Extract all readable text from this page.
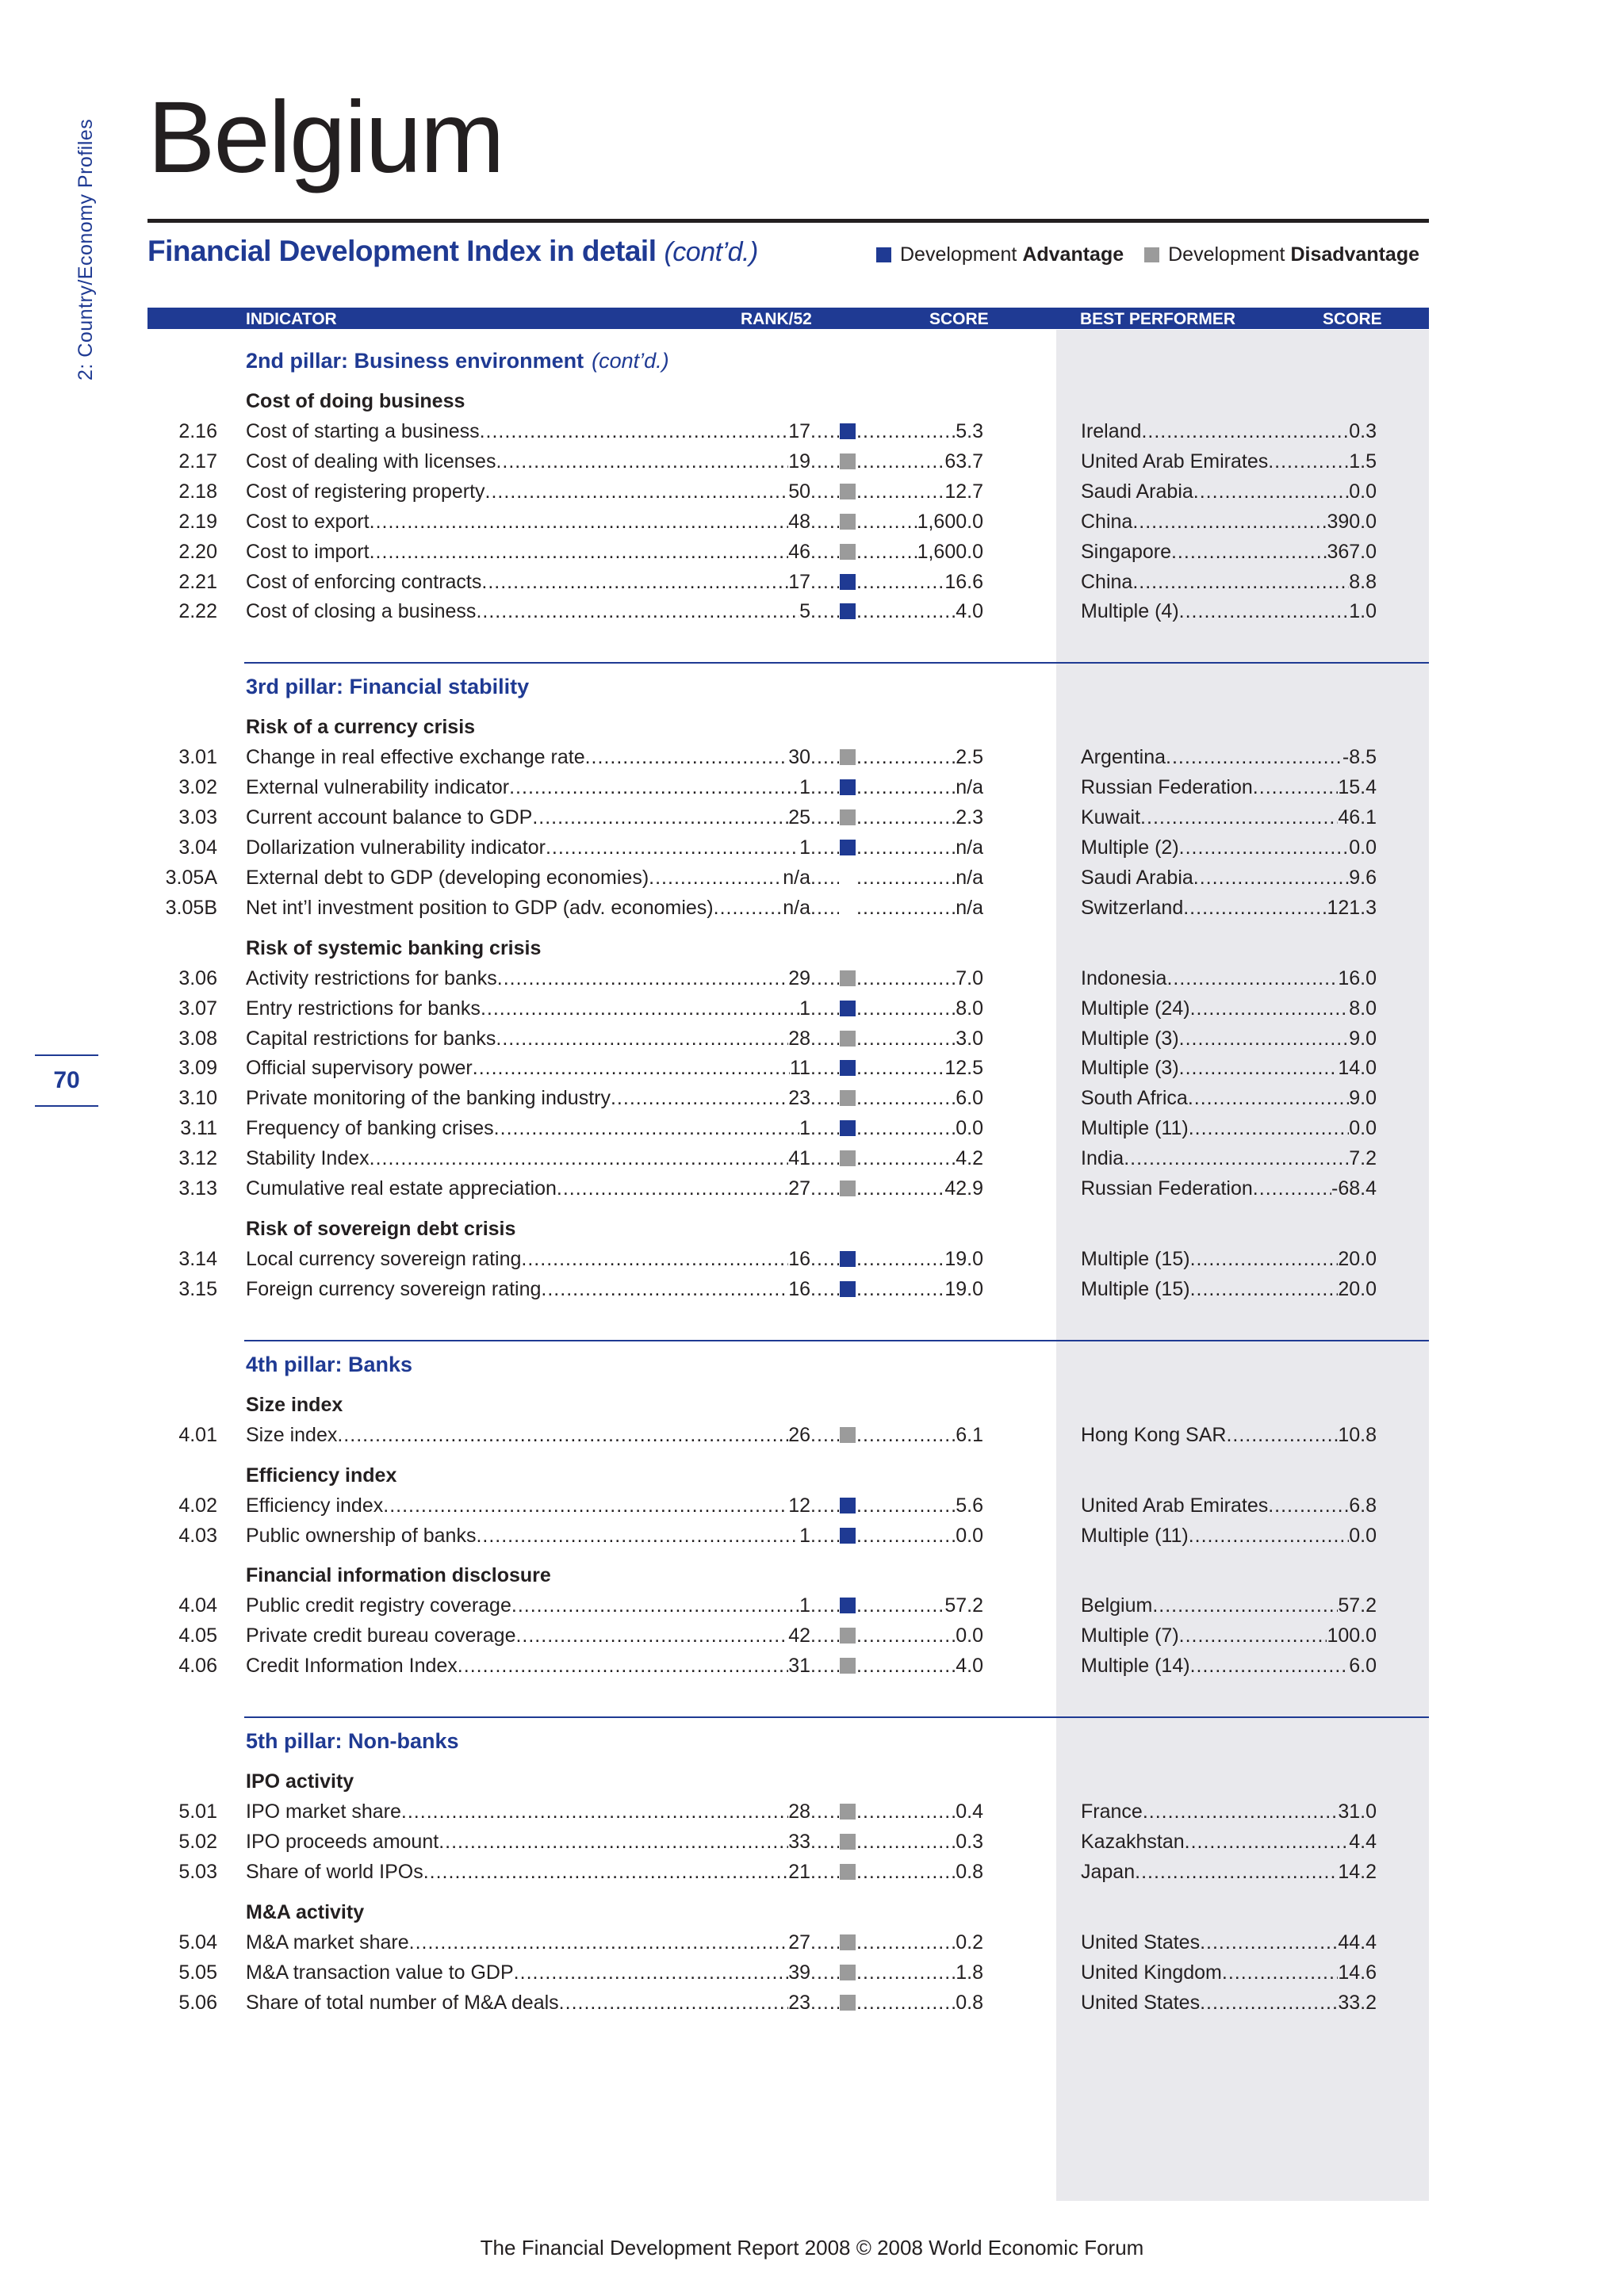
2: Country/Economy Profiles
70
Belgium
Financial Development Index in detail (cont’d.)	Development Advantage Development Disadvantage
INDICATOR	RANK/52	SCORE	BEST PERFORMER	SCORE
2nd pillar: Business environment (cont’d.)
Cost of doing business
2.16 Cost of starting a business .....	17 ..... .....	5.3	Ireland .....	0.3
2.17 Cost of dealing with licenses .....	19 ..... .....	63.7	United Arab Emirates .....	1.5
2.18 Cost of registering property .....	50 ..... .....	12.7	Saudi Arabia .....	0.0
2.19 Cost to export .....	48 ..... .....	1,600.0	China .....	390.0
2.20 Cost to import .....	46 ..... .....	1,600.0	Singapore .....	367.0
2.21 Cost of enforcing contracts .....	17 ..... .....	16.6	China .....	8.8
2.22 Cost of closing a business .....	5 ..... .....	4.0	Multiple (4) .....	1.0
3rd pillar: Financial stability
Risk of a currency crisis
3.01 Change in real effective exchange rate .....	30 ..... .....	2.5	Argentina .....	-8.5
3.02 External vulnerability indicator .....	1 ..... .....	n/a	Russian Federation .....	15.4
3.03 Current account balance to GDP .....	25 ..... .....	2.3	Kuwait .....	46.1
3.04 Dollarization vulnerability indicator .....	1 ..... .....	n/a	Multiple (2) .....	0.0
3.05A External debt to GDP (developing economies) .....	n/a ..... .....	n/a	Saudi Arabia .....	9.6
3.05B Net int’l investment position to GDP (adv. economies) .....	n/a ..... .....	n/a	Switzerland .....	121.3
Risk of systemic banking crisis
3.06 Activity restrictions for banks .....	29 ..... .....	7.0	Indonesia .....	16.0
3.07 Entry restrictions for banks .....	1 ..... .....	8.0	Multiple (24) .....	8.0
3.08 Capital restrictions for banks .....	28 ..... .....	3.0	Multiple (3) .....	9.0
3.09 Official supervisory power .....	11 ..... .....	12.5	Multiple (3) .....	14.0
3.10 Private monitoring of the banking industry .....	23 ..... .....	6.0	South Africa .....	9.0
3.11 Frequency of banking crises .....	1 ..... .....	0.0	Multiple (11) .....	0.0
3.12 Stability Index .....	41 ..... .....	4.2	India .....	7.2
3.13 Cumulative real estate appreciation .....	27 ..... .....	42.9	Russian Federation .....	-68.4
Risk of sovereign debt crisis
3.14 Local currency sovereign rating .....	16 ..... .....	19.0	Multiple (15) .....	20.0
3.15 Foreign currency sovereign rating .....	16 ..... .....	19.0	Multiple (15) .....	20.0
4th pillar: Banks
Size index
4.01 Size index .....	26 ..... .....	6.1	Hong Kong SAR .....	10.8
Efficiency index
4.02 Efficiency index .....	12 ..... .....	5.6	United Arab Emirates .....	6.8
4.03 Public ownership of banks .....	1 ..... .....	0.0	Multiple (11) .....	0.0
Financial information disclosure
4.04 Public credit registry coverage .....	1 ..... .....	57.2	Belgium .....	57.2
4.05 Private credit bureau coverage .....	42 ..... .....	0.0	Multiple (7) .....	100.0
4.06 Credit Information Index .....	31 ..... .....	4.0	Multiple (14) .....	6.0
5th pillar: Non-banks
IPO activity
5.01 IPO market share .....	28 ..... .....	0.4	France .....	31.0
5.02 IPO proceeds amount .....	33 ..... .....	0.3	Kazakhstan .....	4.4
5.03 Share of world IPOs .....	21 ..... .....	0.8	Japan .....	14.2
M&A activity
5.04 M&A market share .....	27 ..... .....	0.2	United States .....	44.4
5.05 M&A transaction value to GDP .....	39 ..... .....	1.8	United Kingdom .....	14.6
5.06 Share of total number of M&A deals .....	23 ..... .....	0.8	United States .....	33.2
The Financial Development Report 2008 © 2008 World Economic Forum
